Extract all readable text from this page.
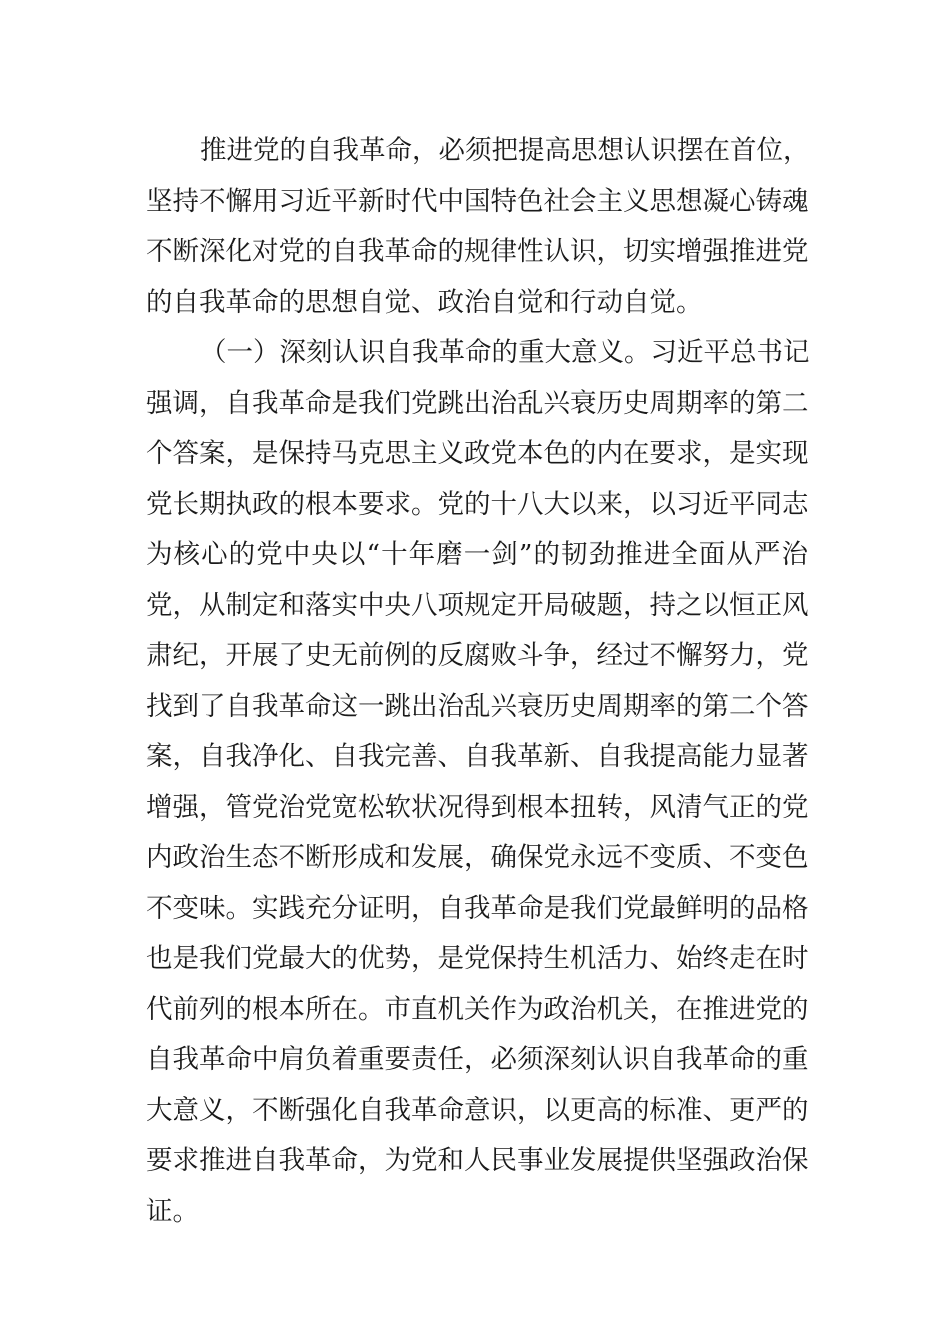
推进党的自我革命，必须把提高思想认识摆在首位，
坚持不懈用习近平新时代中国特色社会主义思想凝心铸魂
不断深化对党的自我革命的规律性认识，切实增强推进党
的自我革命的思想自觉、政治自觉和行动自觉。
（一）深刻认识自我革命的重大意义。习近平总书记
强调，自我革命是我们党跳出治乱兴衰历史周期率的第二
个答案，是保持马克思主义政党本色的内在要求，是实现
党长期执政的根本要求。党的十八大以来，以习近平同志
为核心的党中央以“十年磨一剑”的韧劲推进全面从严治
党，从制定和落实中央八项规定开局破题，持之以恒正风
肃纪，开展了史无前例的反腐败斗争，经过不懈努力，党
找到了自我革命这一跳出治乱兴衰历史周期率的第二个答
案，自我净化、自我完善、自我革新、自我提高能力显著
增强，管党治党宽松软状况得到根本扭转，风清气正的党
内政治生态不断形成和发展，确保党永远不变质、不变色
不变味。实践充分证明，自我革命是我们党最鲜明的品格
也是我们党最大的优势，是党保持生机活力、始终走在时
代前列的根本所在。市直机关作为政治机关，在推进党的
自我革命中肩负着重要责任，必须深刻认识自我革命的重
大意义，不断强化自我革命意识，以更高的标准、更严的
要求推进自我革命，为党和人民事业发展提供坚强政治保
证。
